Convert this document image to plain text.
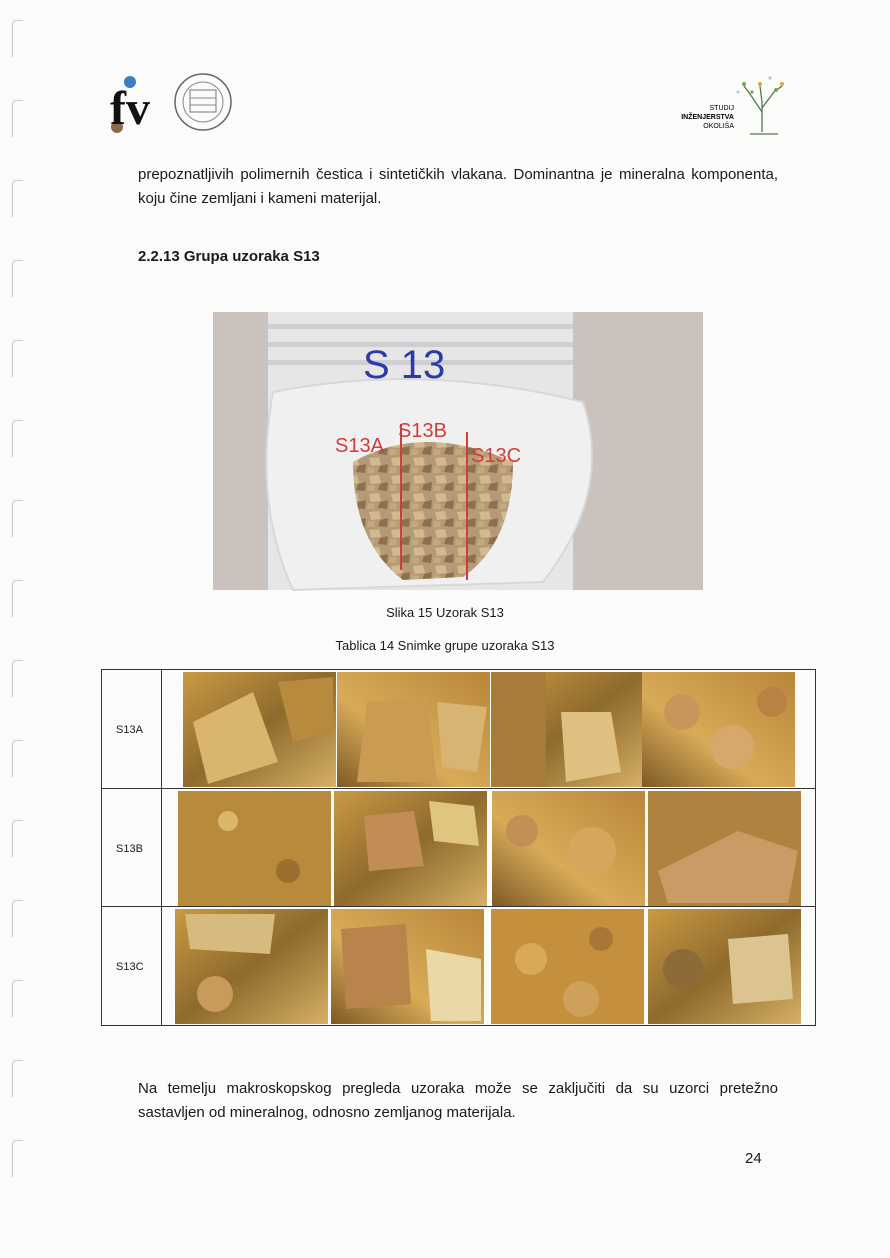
fv	STUDIJ
INŽENJERSTVA
OKOLIŠA

prepoznatljivih polimernih čestica i sintetičkih vlakana. Dominantna je mineralna komponenta, koju čine zemljani i kameni materijal.

2.2.13 Grupa uzoraka S13
S 13
S13A
S13B
S13C
Slika 15 Uzorak S13
Tablica 14 Snimke grupe uzoraka S13
S13A
S13B
S13C

Na temelju makroskopskog pregleda uzoraka može se zaključiti da su uzorci pretežno sastavljen od mineralnog, odnosno zemljanog materijala.

24
